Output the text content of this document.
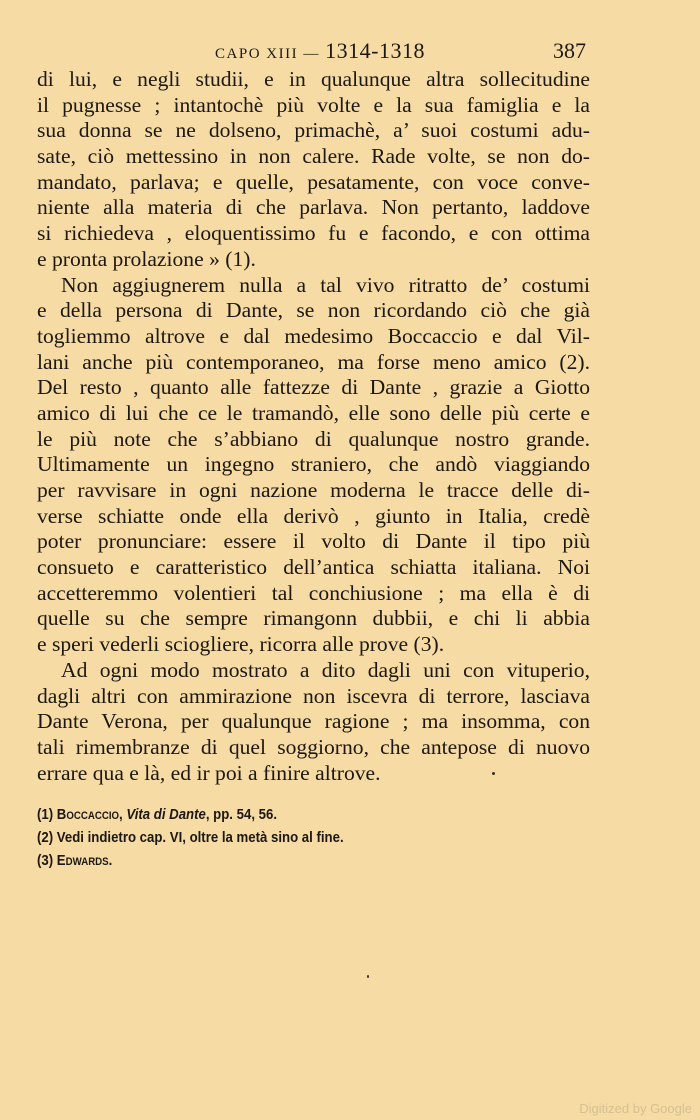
CAPO XIII — 1314-1318	387
di lui, e negli studii, e in qualunque altra sollecitudine
il pugnesse ; intantochè più volte e la sua famiglia e la
sua donna se ne dolseno, primachè, a’ suoi costumi adu-
sate, ciò mettessino in non calere. Rade volte, se non do-
mandato, parlava; e quelle, pesatamente, con voce conve-
niente alla materia di che parlava. Non pertanto, laddove
si richiedeva , eloquentissimo fu e facondo, e con ottima
e pronta prolazione » (1).
Non aggiugnerem nulla a tal vivo ritratto de’ costumi
e della persona di Dante, se non ricordando ciò che già
togliemmo altrove e dal medesimo Boccaccio e dal Vil-
lani anche più contemporaneo, ma forse meno amico (2).
Del resto , quanto alle fattezze di Dante , grazie a Giotto
amico di lui che ce le tramandò, elle sono delle più certe e
le più note che s’abbiano di qualunque nostro grande.
Ultimamente un ingegno straniero, che andò viaggiando
per ravvisare in ogni nazione moderna le tracce delle di-
verse schiatte onde ella derivò , giunto in Italia, credè
poter pronunciare: essere il volto di Dante il tipo più
consueto e caratteristico dell’antica schiatta italiana. Noi
accetteremmo volentieri tal conchiusione ; ma ella è di
quelle su che sempre rimangonn dubbii, e chi li abbia
e speri vederli sciogliere, ricorra alle prove (3).
Ad ogni modo mostrato a dito dagli uni con vituperio,
dagli altri con ammirazione non iscevra di terrore, lasciava
Dante Verona, per qualunque ragione ; ma insomma, con
tali rimembranze di quel soggiorno, che antepose di nuovo
errare qua e là, ed ir poi a finire altrove.
(1) Boccaccio, Vita di Dante, pp. 54, 56.
(2) Vedi indietro cap. VI, oltre la metà sino al fine.
(3) Edwards.
Digitized by Google
